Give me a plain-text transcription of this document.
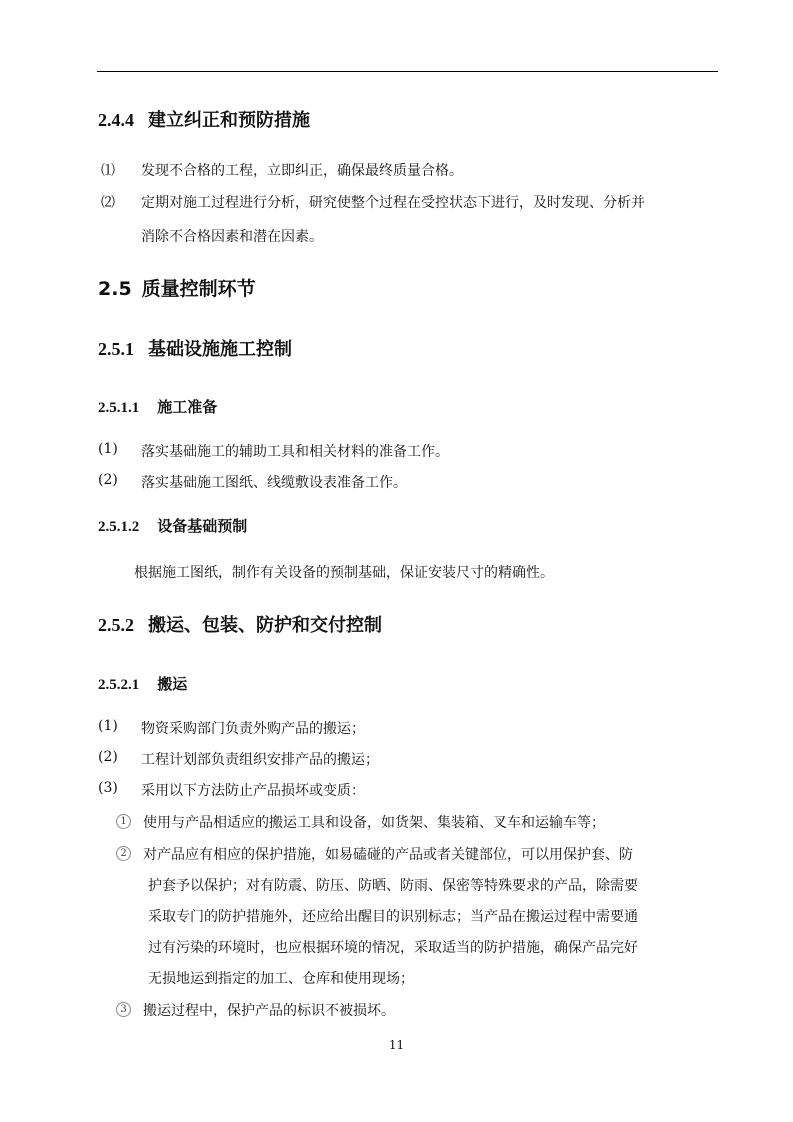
2.4.4 建立纠正和预防措施
⑴ 发现不合格的工程，立即纠正，确保最终质量合格。
⑵ 定期对施工过程进行分析，研究使整个过程在受控状态下进行，及时发现、分析并
消除不合格因素和潜在因素。
2.5 质量控制环节
2.5.1 基础设施施工控制
2.5.1.1 施工准备
(1) 落实基础施工的辅助工具和相关材料的准备工作。
(2) 落实基础施工图纸、线缆敷设表准备工作。
2.5.1.2 设备基础预制
根据施工图纸，制作有关设备的预制基础，保证安装尺寸的精确性。
2.5.2 搬运、包装、防护和交付控制
2.5.2.1 搬运
(1) 物资采购部门负责外购产品的搬运；
(2) 工程计划部负责组织安排产品的搬运；
(3) 采用以下方法防止产品损坏或变质：
1	使用与产品相适应的搬运工具和设备，如货架、集装箱、叉车和运输车等；
2	对产品应有相应的保护措施，如易磕碰的产品或者关键部位，可以用保护套、防
护套予以保护；对有防震、防压、防晒、防雨、保密等特殊要求的产品，除需要
采取专门的防护措施外，还应给出醒目的识别标志；当产品在搬运过程中需要通
过有污染的环境时，也应根据环境的情况，采取适当的防护措施，确保产品完好
无损地运到指定的加工、仓库和使用现场；
3	搬运过程中，保护产品的标识不被损坏。
11
